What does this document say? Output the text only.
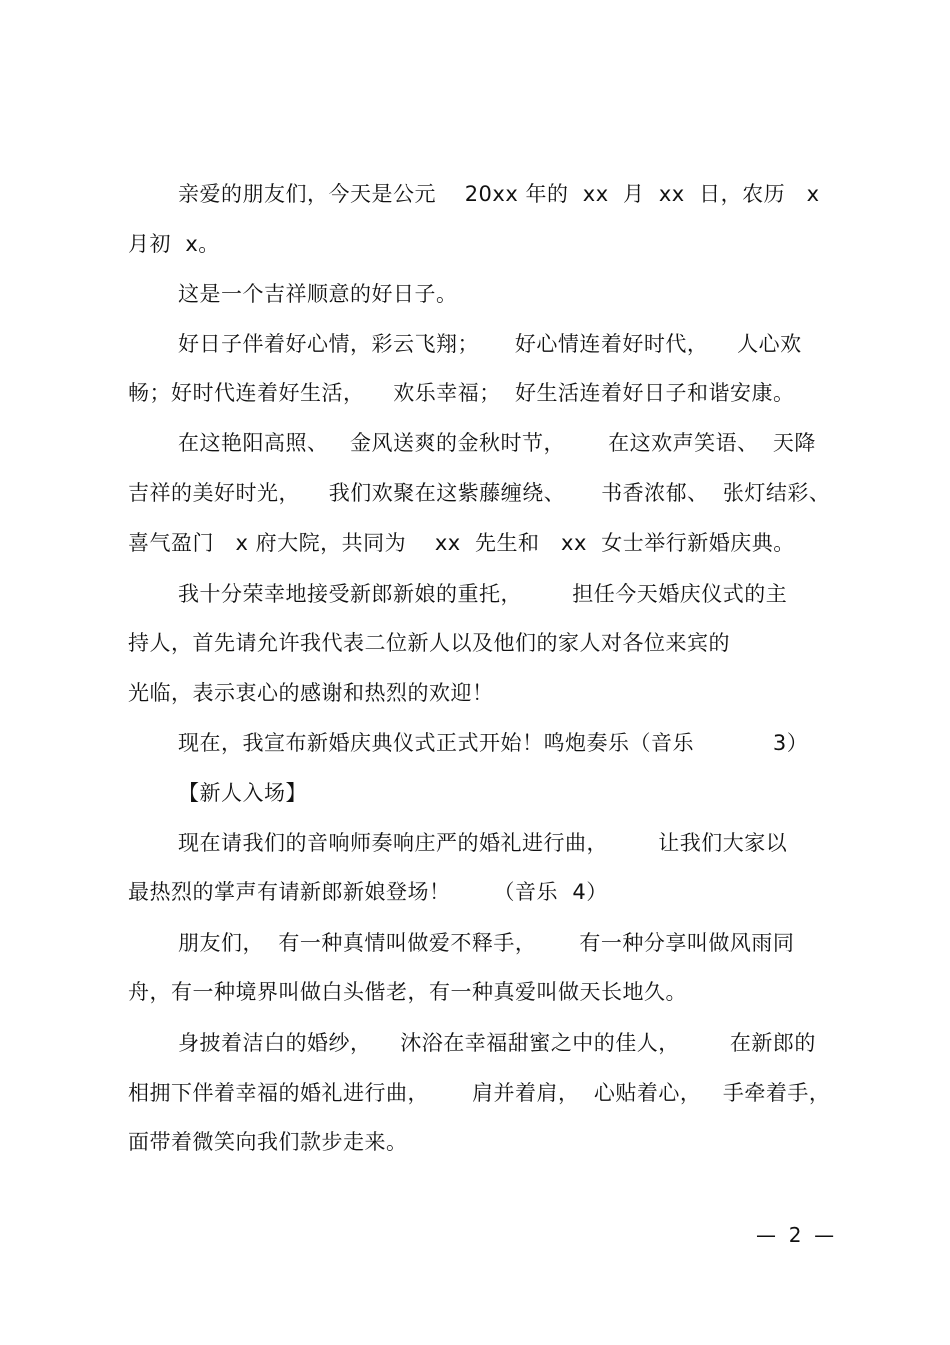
亲爱的朋友们，今天是公元    20xx 年的  xx  月  xx  日，农历   x
月初  x。
这是一个吉祥顺意的好日子。
好日子伴着好心情，彩云飞翔；     好心情连着好时代，    人心欢
畅；好时代连着好生活，    欢乐幸福；  好生活连着好日子和谐安康。
在这艳阳高照、   金风送爽的金秋时节，      在这欢声笑语、  天降
吉祥的美好时光，    我们欢聚在这紫藤缠绕、     书香浓郁、  张灯结彩、
喜气盈门   x 府大院，共同为    xx  先生和   xx  女士举行新婚庆典。
我十分荣幸地接受新郎新娘的重托，       担任今天婚庆仪式的主
持人，首先请允许我代表二位新人以及他们的家人对各位来宾的
光临，表示衷心的感谢和热烈的欢迎！
现在，我宣布新婚庆典仪式正式开始！鸣炮奏乐（音乐           3）
【新人入场】
现在请我们的音响师奏响庄严的婚礼进行曲，       让我们大家以
最热烈的掌声有请新郎新娘登场！      （音乐  4）
朋友们，  有一种真情叫做爱不释手，      有一种分享叫做风雨同
舟，有一种境界叫做白头偕老，有一种真爱叫做天长地久。
身披着洁白的婚纱，    沐浴在幸福甜蜜之中的佳人，       在新郎的
相拥下伴着幸福的婚礼进行曲，      肩并着肩，  心贴着心，   手牵着手，
面带着微笑向我们款步走来。
—  2  —
